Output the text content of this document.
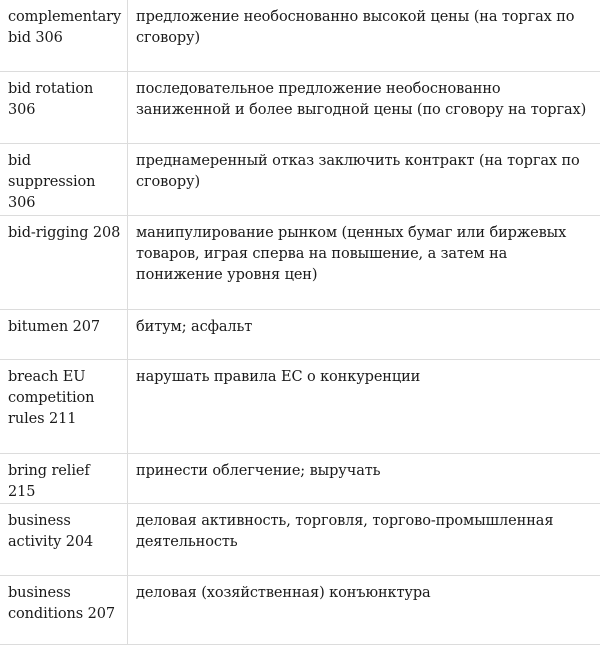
complementary bid 306	предложение необоснованно высокой цены (на торгах по сговору)
bid rotation 306	последовательное предложение необоснованно заниженной и более выгодной цены (по сговору на торгах)
bid suppression 306	преднамеренный отказ заключить контракт (на торгах по сговору)
bid-rigging 208	манипулирование рынком (ценных бумаг или биржевых товаров, играя сперва на повышение, а затем на понижение уровня цен)
bitumen 207	битум; асфальт
breach EU competition rules 211	нарушать правила ЕС о конкуренции
bring relief 215	принести облегчение; выручать
business activity 204	деловая активность, торговля, торгово-промышленная деятельность
business conditions 207	деловая (хозяйственная) конъюнктура
